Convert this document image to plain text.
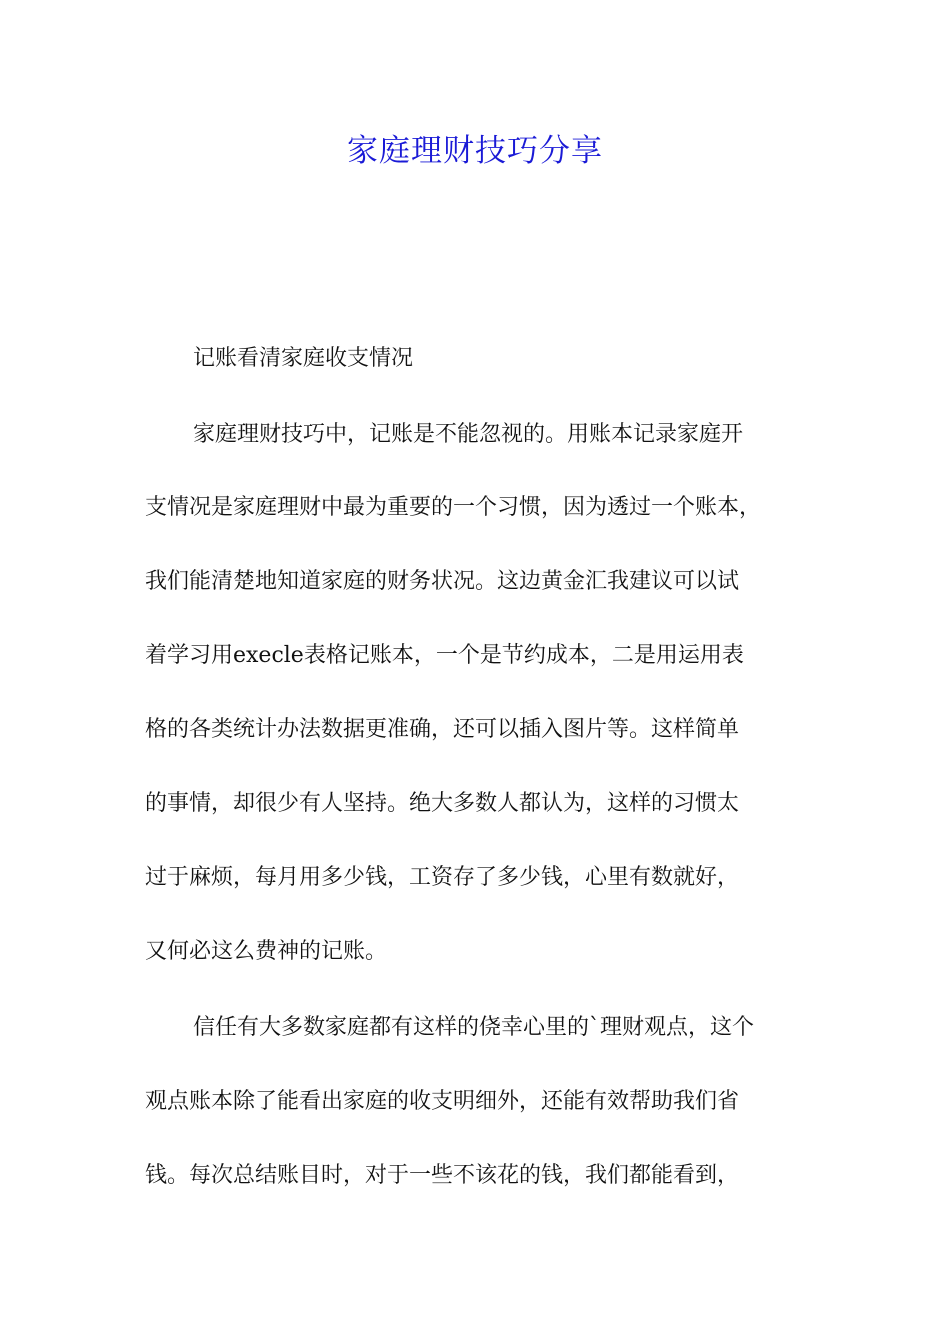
家庭理财技巧分享
记账看清家庭收支情况
家庭理财技巧中，记账是不能忽视的。用账本记录家庭开
支情况是家庭理财中最为重要的一个习惯，因为透过一个账本，
我们能清楚地知道家庭的财务状况。这边黄金汇我建议可以试
着学习用execle表格记账本，一个是节约成本，二是用运用表
格的各类统计办法数据更准确，还可以插入图片等。这样简单
的事情，却很少有人坚持。绝大多数人都认为，这样的习惯太
过于麻烦，每月用多少钱，工资存了多少钱，心里有数就好，
又何必这么费神的记账。
信任有大多数家庭都有这样的侥幸心里的`理财观点，这个
观点账本除了能看出家庭的收支明细外，还能有效帮助我们省
钱。每次总结账目时，对于一些不该花的钱，我们都能看到，
